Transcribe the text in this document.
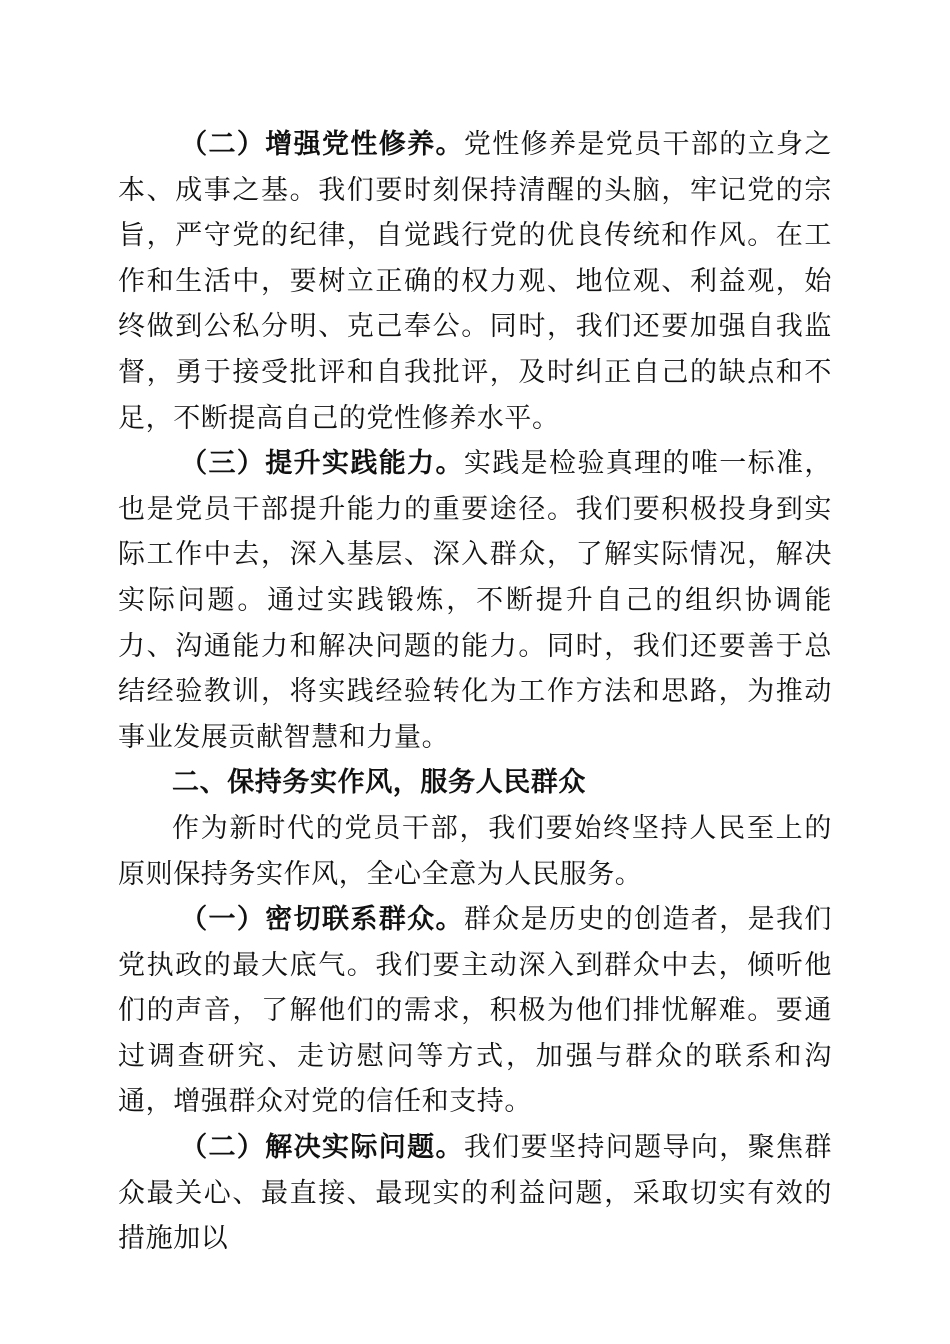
（二）增强党性修养。党性修养是党员干部的立身之本、成事之基。我们要时刻保持清醒的头脑，牢记党的宗旨，严守党的纪律，自觉践行党的优良传统和作风。在工作和生活中，要树立正确的权力观、地位观、利益观，始终做到公私分明、克己奉公。同时，我们还要加强自我监督，勇于接受批评和自我批评，及时纠正自己的缺点和不足，不断提高自己的党性修养水平。

（三）提升实践能力。实践是检验真理的唯一标准，也是党员干部提升能力的重要途径。我们要积极投身到实际工作中去，深入基层、深入群众，了解实际情况，解决实际问题。通过实践锻炼，不断提升自己的组织协调能力、沟通能力和解决问题的能力。同时，我们还要善于总结经验教训，将实践经验转化为工作方法和思路，为推动事业发展贡献智慧和力量。

二、保持务实作风，服务人民群众

作为新时代的党员干部，我们要始终坚持人民至上的原则保持务实作风，全心全意为人民服务。

（一）密切联系群众。群众是历史的创造者，是我们党执政的最大底气。我们要主动深入到群众中去，倾听他们的声音，了解他们的需求，积极为他们排忧解难。要通过调查研究、走访慰问等方式，加强与群众的联系和沟通，增强群众对党的信任和支持。

（二）解决实际问题。我们要坚持问题导向，聚焦群众最关心、最直接、最现实的利益问题，采取切实有效的措施加以
